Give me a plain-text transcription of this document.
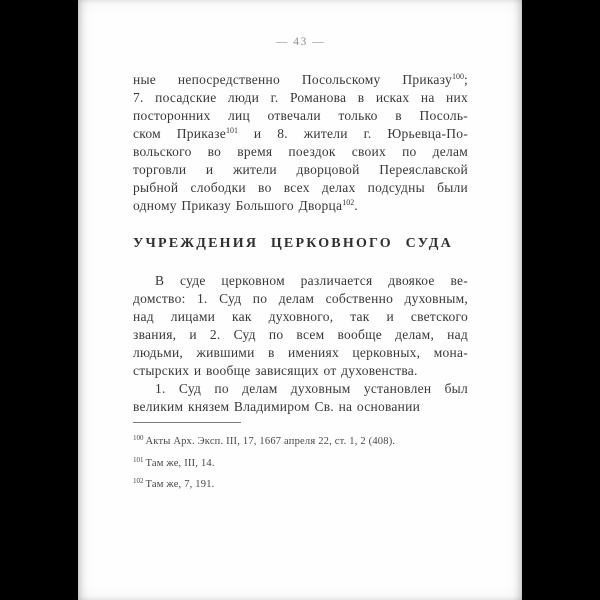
— 43 —
ные непосредственно Посольскому Приказу$^{100}$;
7. посадские люди г. Романова в исках на них
посторонних лиц отвечали только в Посоль-
ском Приказе$^{101}$ и 8. жители г. Юрьевца-По-
вольского во время поездок своих по делам
торговли и жители дворцовой Переяславской
рыбной слободки во всех делах подсудны были
одному Приказу Большого Дворца$^{102}$.
УЧРЕЖДЕНИЯ ЦЕРКОВНОГО СУДА
В суде церковном различается двоякое ве-
домство: 1. Суд по делам собственно духовным,
над лицами как духовного, так и светского
звания, и 2. Суд по всем вообще делам, над
людьми, жившими в имениях церковных, мона-
стырских и вообще зависящих от духовенства.
1. Суд по делам духовным установлен был
великим князем Владимиром Св. на основании
$^{100}$ Акты Арх. Эксп. III, 17, 1667 апреля 22, ст. 1, 2 (408).
$^{101}$ Там же, III, 14.
$^{102}$ Там же, 7, 191.
